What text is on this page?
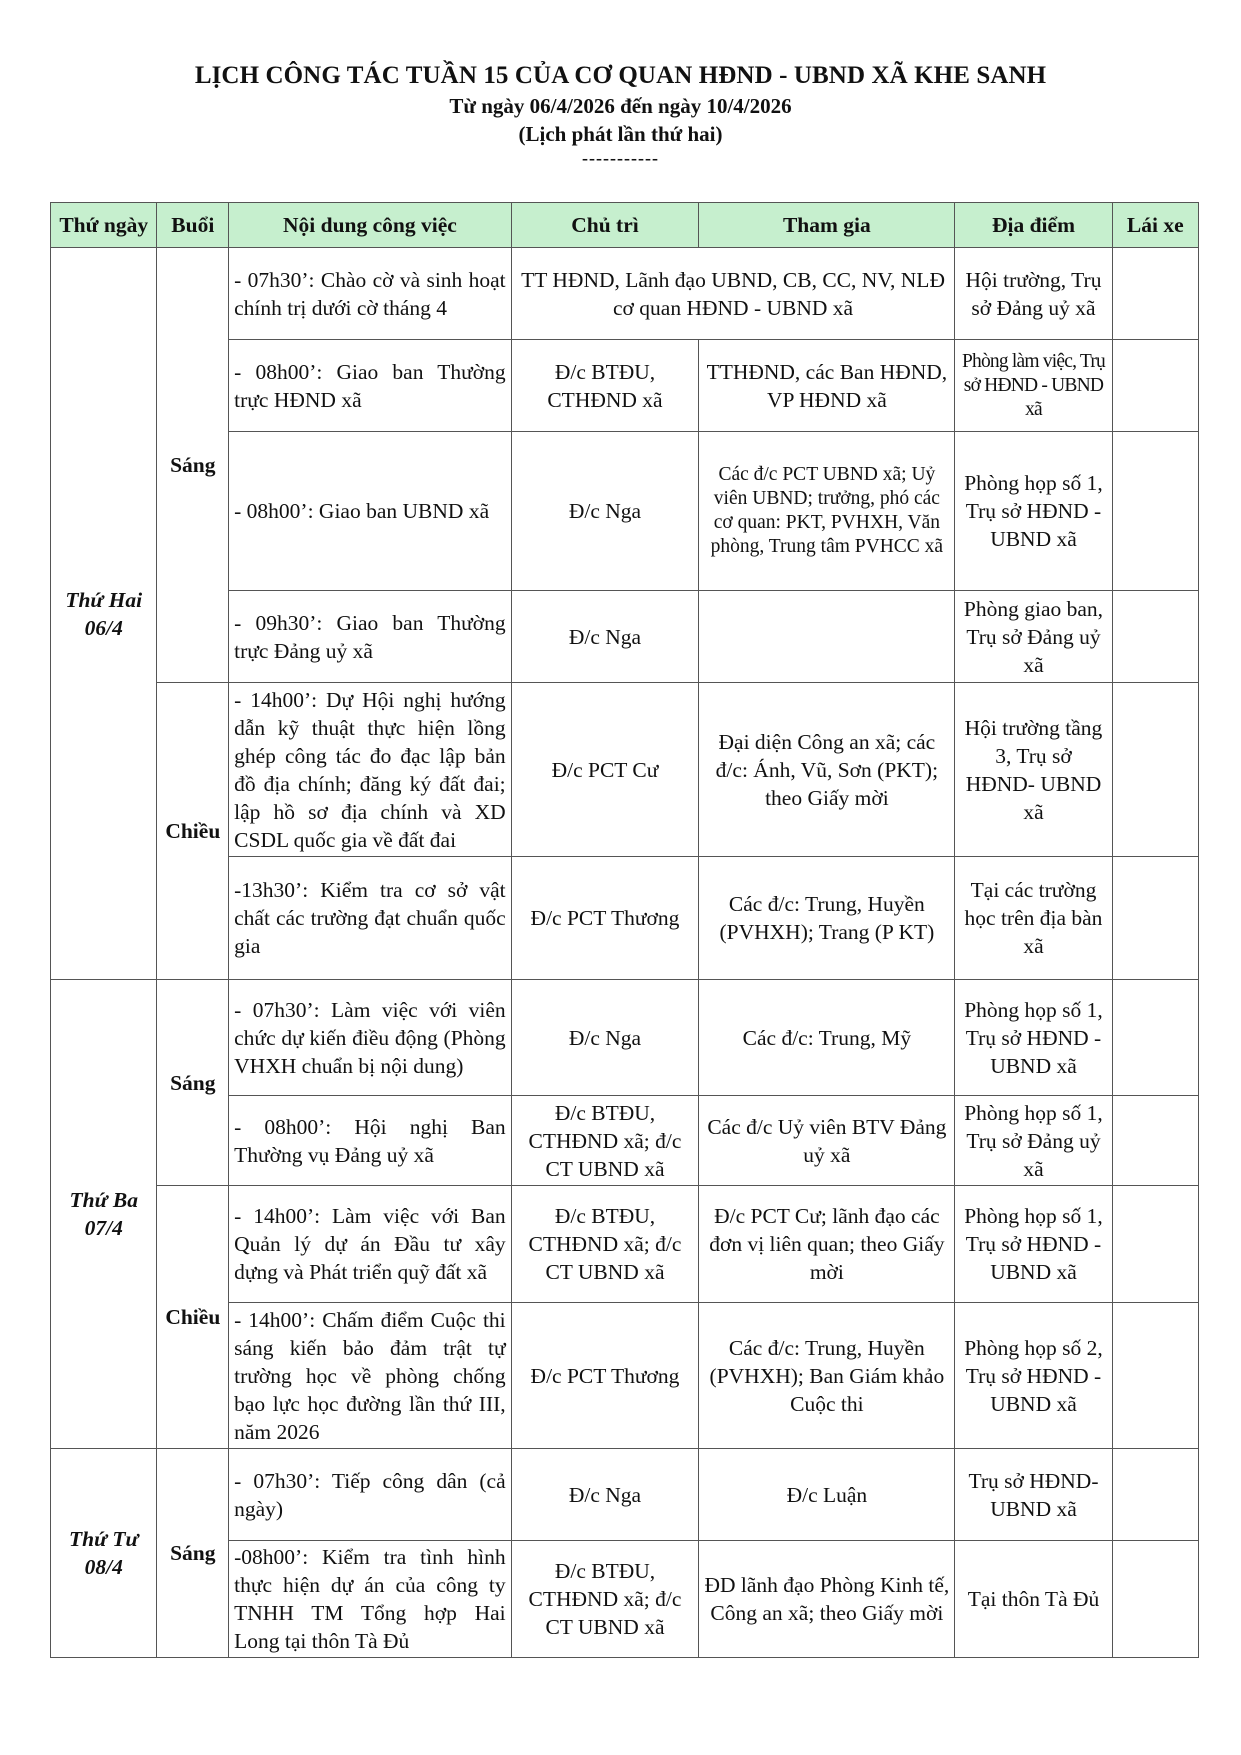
LỊCH CÔNG TÁC TUẦN 15 CỦA CƠ QUAN HĐND - UBND XÃ KHE SANH
Từ ngày 06/4/2026 đến ngày 10/4/2026
(Lịch phát lần thứ hai)
-----------
Thứ ngày	Buổi	Nội dung công việc	Chủ trì	Tham gia	Địa điểm	Lái xe

Thứ Hai
06/4	Sáng	- 07h30’: Chào cờ và sinh hoạt chính trị dưới cờ tháng 4	TT HĐND, Lãnh đạo UBND, CB, CC, NV, NLĐ cơ quan HĐND - UBND xã		Hội trường, Trụ sở Đảng uỷ xã	
		- 08h00’: Giao ban Thường trực HĐND xã	Đ/c BTĐU, CTHĐND xã	TTHĐND, các Ban HĐND, VP HĐND xã	Phòng làm việc, Trụ sở HĐND - UBND xã	
		- 08h00’: Giao ban UBND xã	Đ/c Nga	Các đ/c PCT UBND xã; Uỷ viên UBND; trưởng, phó các cơ quan: PKT, PVHXH, Văn phòng, Trung tâm PVHCC xã	Phòng họp số 1, Trụ sở HĐND - UBND xã	
		- 09h30’: Giao ban Thường trực Đảng uỷ xã	Đ/c Nga		Phòng giao ban, Trụ sở Đảng uỷ xã	
	Chiều	- 14h00’: Dự Hội nghị hướng dẫn kỹ thuật thực hiện lồng ghép công tác đo đạc lập bản đồ địa chính; đăng ký đất đai; lập hồ sơ địa chính và XD CSDL quốc gia về đất đai	Đ/c PCT Cư	Đại diện Công an xã; các đ/c: Ánh, Vũ, Sơn (PKT); theo Giấy mời	Hội trường tầng 3, Trụ sở HĐND- UBND xã	
		-13h30’: Kiểm tra cơ sở vật chất các trường đạt chuẩn quốc gia	Đ/c PCT Thương	Các đ/c: Trung, Huyền (PVHXH); Trang (P KT)	Tại các trường học trên địa bàn xã	

Thứ Ba
07/4	Sáng	- 07h30’: Làm việc với viên chức dự kiến điều động (Phòng VHXH chuẩn bị nội dung)	Đ/c Nga	Các đ/c: Trung, Mỹ	Phòng họp số 1, Trụ sở HĐND - UBND xã	
		- 08h00’: Hội nghị Ban Thường vụ Đảng uỷ xã	Đ/c BTĐU, CTHĐND xã; đ/c CT UBND xã	Các đ/c Uỷ viên BTV Đảng uỷ xã	Phòng họp số 1, Trụ sở Đảng uỷ xã	
	Chiều	- 14h00’: Làm việc với Ban Quản lý dự án Đầu tư xây dựng và Phát triển quỹ đất xã	Đ/c BTĐU, CTHĐND xã; đ/c CT UBND xã	Đ/c PCT Cư; lãnh đạo các đơn vị liên quan; theo Giấy mời	Phòng họp số 1, Trụ sở HĐND - UBND xã	
		- 14h00’: Chấm điểm Cuộc thi sáng kiến bảo đảm trật tự trường học về phòng chống bạo lực học đường lần thứ III, năm 2026	Đ/c PCT Thương	Các đ/c: Trung, Huyền (PVHXH); Ban Giám khảo Cuộc thi	Phòng họp số 2, Trụ sở HĐND - UBND xã	

Thứ Tư
08/4	Sáng	- 07h30’: Tiếp công dân (cả ngày)	Đ/c Nga	Đ/c Luận	Trụ sở HĐND- UBND xã	
		-08h00’: Kiểm tra tình hình thực hiện dự án của công ty TNHH TM Tổng hợp Hai Long tại thôn Tà Đủ	Đ/c BTĐU, CTHĐND xã; đ/c CT UBND xã	ĐD lãnh đạo Phòng Kinh tế, Công an xã; theo Giấy mời	Tại thôn Tà Đủ	
